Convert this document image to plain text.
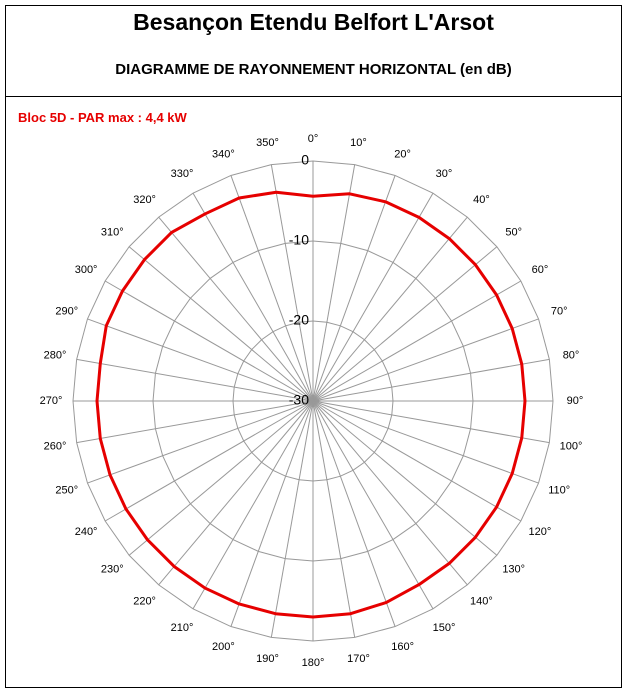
Besançon Etendu Belfort L'Arsot
DIAGRAMME DE RAYONNEMENT HORIZONTAL (en dB)
Bloc 5D - PAR max : 4,4 kW
0°	10°
20°
30°
40°
50°
60°
70°
80°
90°
100°
110°
120°
130°
140°
150°
160°
170°
180°
190°
200°
210°
220°
230°
240°
250°
260°
270°
280°
290°
300°
310°
320°
330°
340°
350°
0
-10
-20
-30
